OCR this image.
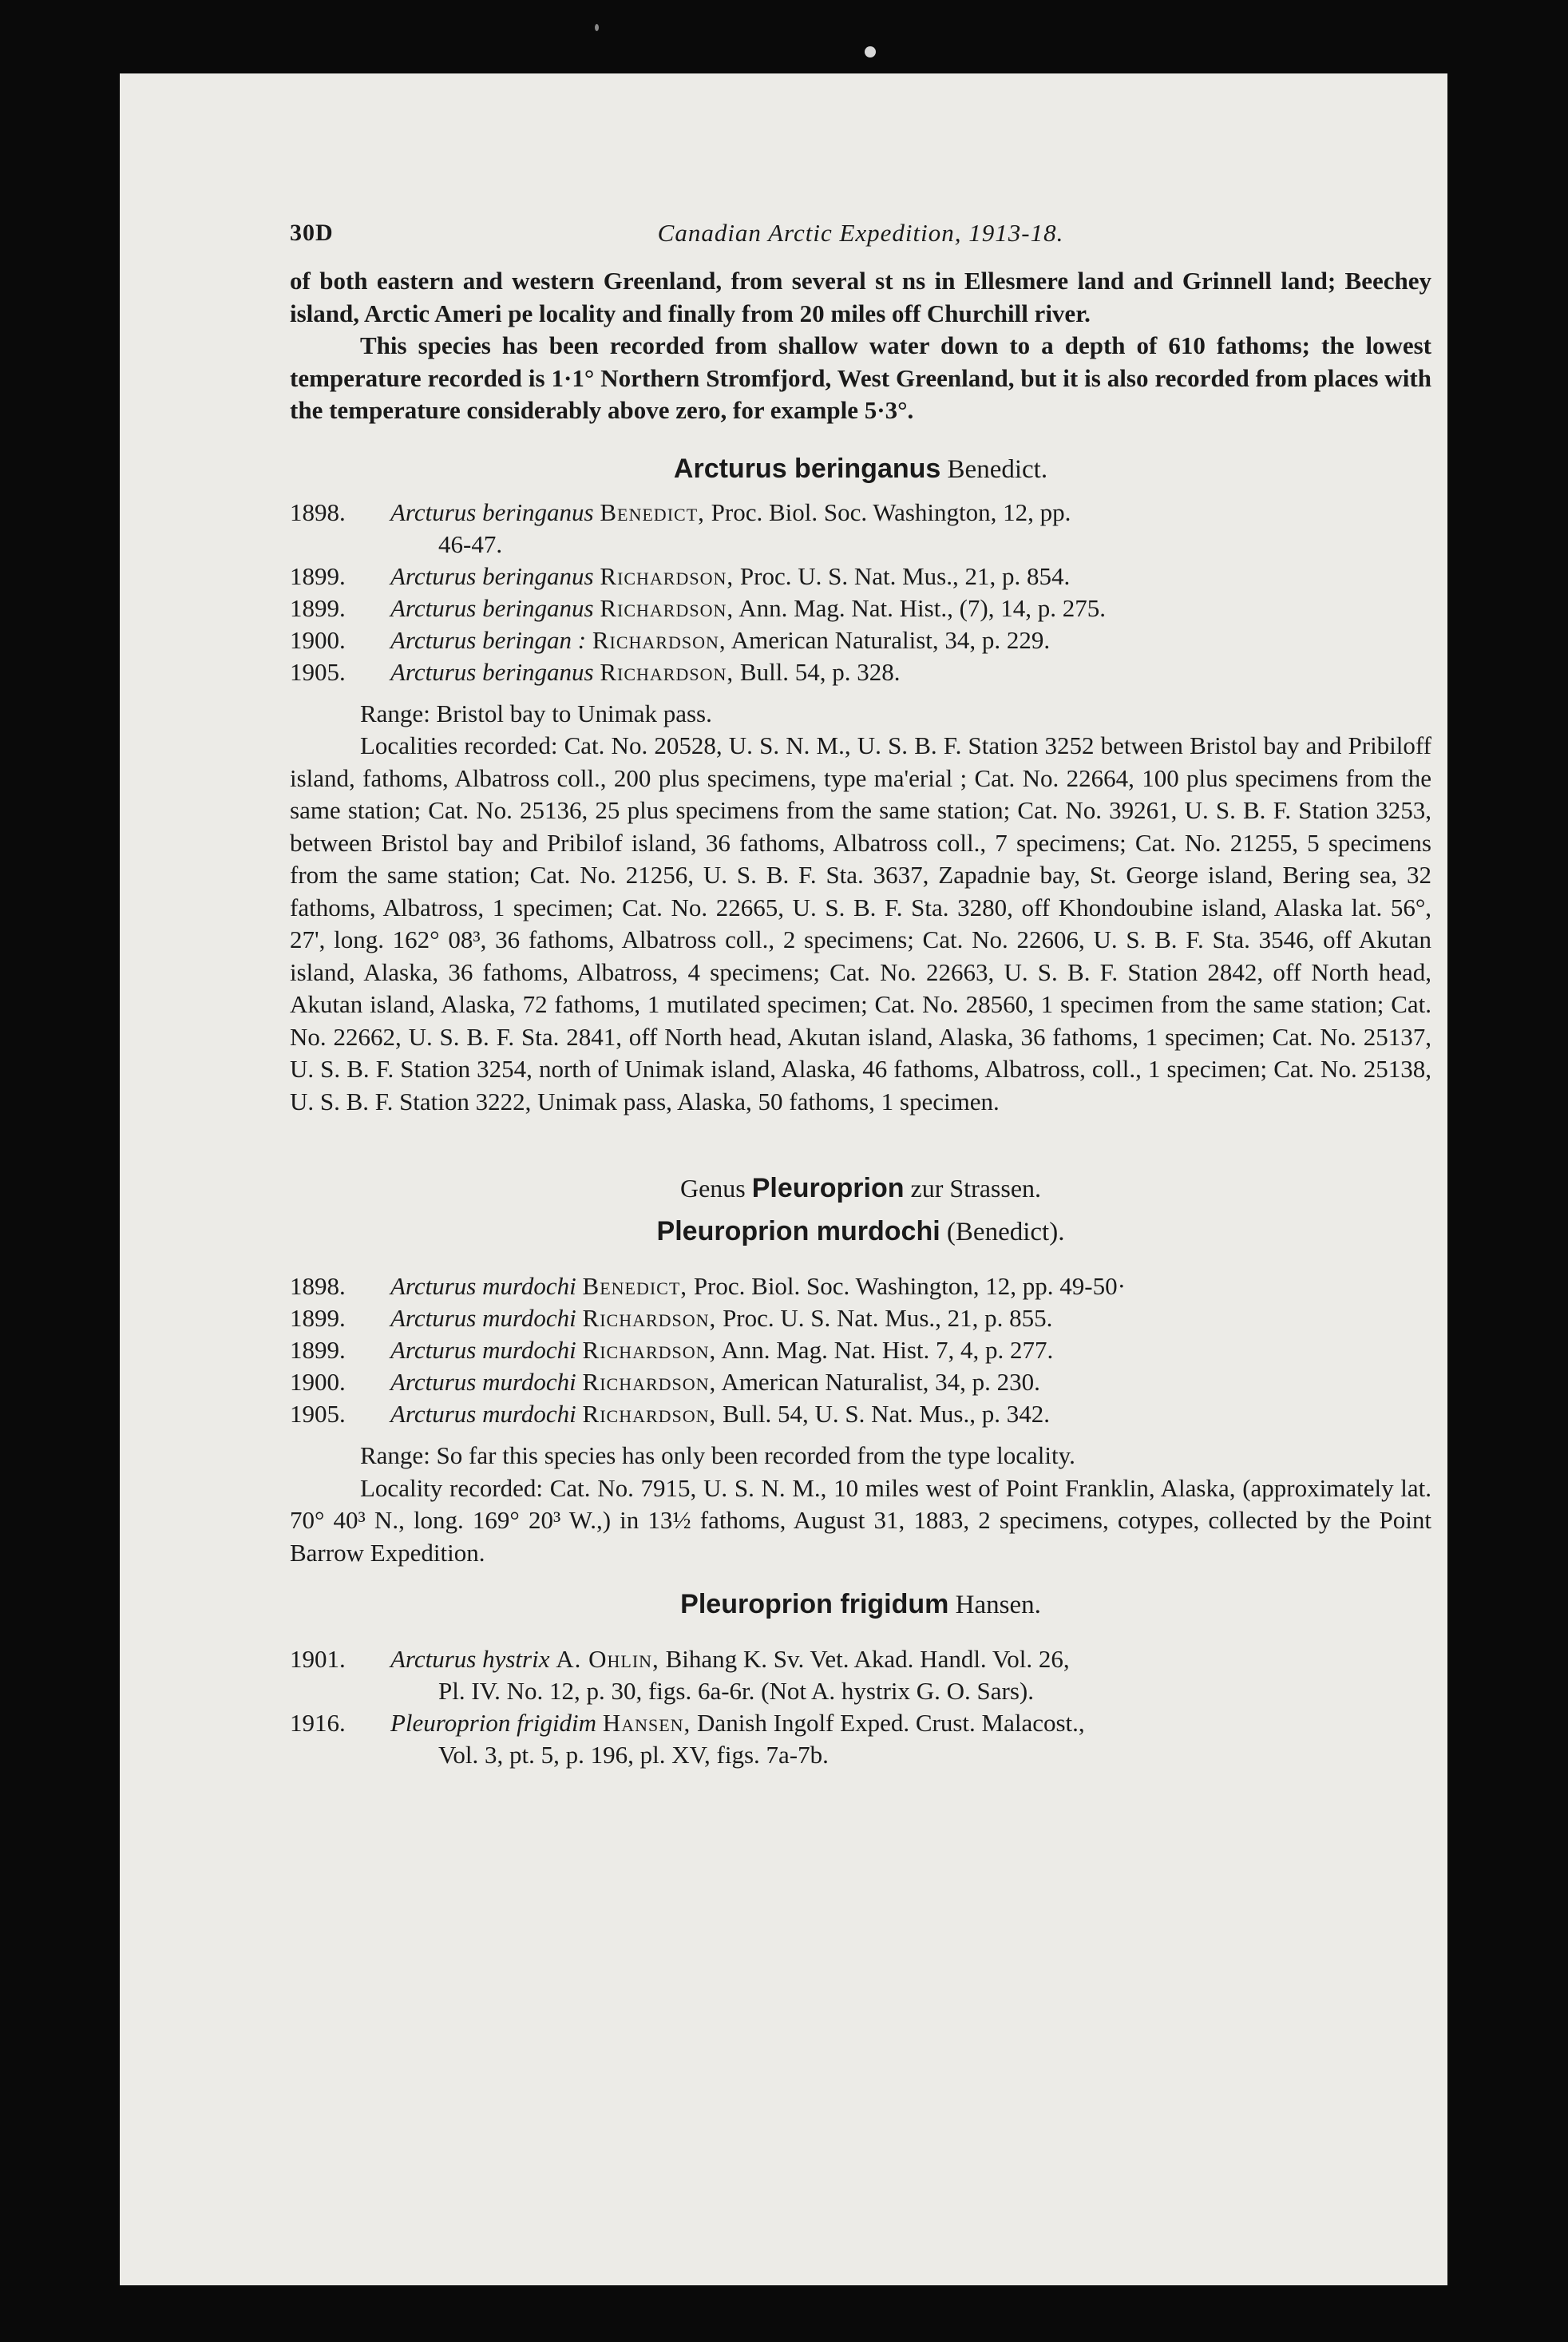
30D	Canadian Arctic Expedition, 1913-18.

of both eastern and western Greenland, from several st ns in Ellesmere land and Grinnell land; Beechey island, Arctic Ameri pe locality and finally from 20 miles off Churchill river.

This species has been recorded from shallow water down to a depth of 610 fathoms; the lowest temperature recorded is 1·1° Northern Stromfjord, West Greenland, but it is also recorded from places with the temperature considerably above zero, for example 5·3°.

Arcturus beringanus Benedict.
1898.	Arcturus beringanus Benedict, Proc. Biol. Soc. Washington, 12, pp.
46-47.
1899.	Arcturus beringanus Richardson, Proc. U. S. Nat. Mus., 21, p. 854.
1899.	Arcturus beringanus Richardson, Ann. Mag. Nat. Hist., (7), 14, p. 275.
1900.	Arcturus beringan : Richardson, American Naturalist, 34, p. 229.
1905.	Arcturus beringanus Richardson, Bull. 54, p. 328.

Range: Bristol bay to Unimak pass.

Localities recorded: Cat. No. 20528, U. S. N. M., U. S. B. F. Station 3252 between Bristol bay and Pribiloff island, fathoms, Albatross coll., 200 plus specimens, type ma'erial ; Cat. No. 22664, 100 plus specimens from the same station; Cat. No. 25136, 25 plus specimens from the same station; Cat. No. 39261, U. S. B. F. Station 3253, between Bristol bay and Pribilof island, 36 fathoms, Albatross coll., 7 specimens; Cat. No. 21255, 5 specimens from the same station; Cat. No. 21256, U. S. B. F. Sta. 3637, Zapadnie bay, St. George island, Bering sea, 32 fathoms, Albatross, 1 specimen; Cat. No. 22665, U. S. B. F. Sta. 3280, off Khondoubine island, Alaska lat. 56°, 27', long. 162° 08³, 36 fathoms, Albatross coll., 2 specimens; Cat. No. 22606, U. S. B. F. Sta. 3546, off Akutan island, Alaska, 36 fathoms, Albatross, 4 specimens; Cat. No. 22663, U. S. B. F. Station 2842, off North head, Akutan island, Alaska, 72 fathoms, 1 mutilated specimen; Cat. No. 28560, 1 specimen from the same station; Cat. No. 22662, U. S. B. F. Sta. 2841, off North head, Akutan island, Alaska, 36 fathoms, 1 specimen; Cat. No. 25137, U. S. B. F. Station 3254, north of Unimak island, Alaska, 46 fathoms, Albatross, coll., 1 specimen; Cat. No. 25138, U. S. B. F. Station 3222, Unimak pass, Alaska, 50 fathoms, 1 specimen.

Genus Pleuroprion zur Strassen.
Pleuroprion murdochi (Benedict).
1898.	Arcturus murdochi Benedict, Proc. Biol. Soc. Washington, 12, pp. 49-50·
1899.	Arcturus murdochi Richardson, Proc. U. S. Nat. Mus., 21, p. 855.
1899.	Arcturus murdochi Richardson, Ann. Mag. Nat. Hist. 7, 4, p. 277.
1900.	Arcturus murdochi Richardson, American Naturalist, 34, p. 230.
1905.	Arcturus murdochi Richardson, Bull. 54, U. S. Nat. Mus., p. 342.

Range: So far this species has only been recorded from the type locality.

Locality recorded: Cat. No. 7915, U. S. N. M., 10 miles west of Point Franklin, Alaska, (approximately lat. 70° 40³ N., long. 169° 20³ W.,) in 13½ fathoms, August 31, 1883, 2 specimens, cotypes, collected by the Point Barrow Expedition.

Pleuroprion frigidum Hansen.
1901.	Arcturus hystrix A. Ohlin, Bihang K. Sv. Vet. Akad. Handl. Vol. 26,
Pl. IV. No. 12, p. 30, figs. 6a-6r. (Not A. hystrix G. O. Sars).
1916.	Pleuroprion frigidim Hansen, Danish Ingolf Exped. Crust. Malacost.,
Vol. 3, pt. 5, p. 196, pl. XV, figs. 7a-7b.
